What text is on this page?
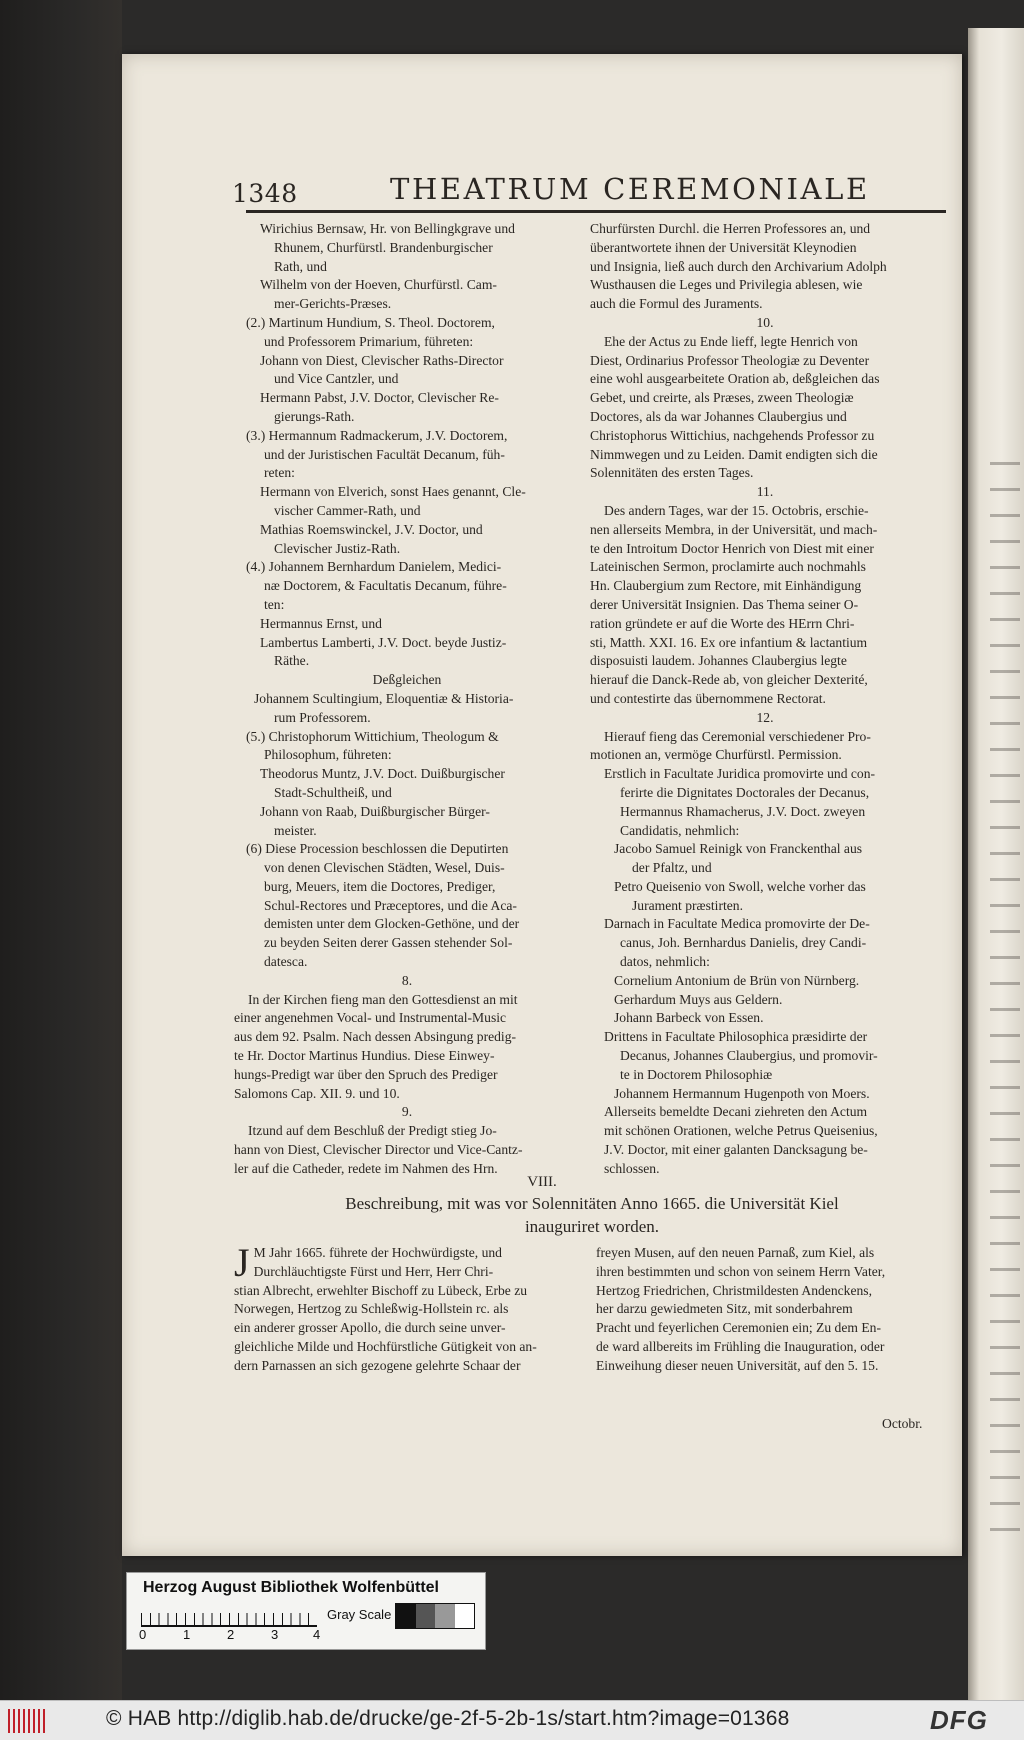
1348	THEATRUM CEREMONIALE

Wirichius Bernsaw, Hr. von Bellingkgrave und

Rhunem, Churfürstl. Brandenburgischer

Rath, und

Wilhelm von der Hoeven, Churfürstl. Cam-

mer-Gerichts-Præses.

(2.) Martinum Hundium, S. Theol. Doctorem,

und Professorem Primarium, führeten:

Johann von Diest, Clevischer Raths-Director

und Vice Cantzler, und

Hermann Pabst, J.V. Doctor, Clevischer Re-

gierungs-Rath.

(3.) Hermannum Radmackerum, J.V. Doctorem,

und der Juristischen Facultät Decanum, füh-

reten:

Hermann von Elverich, sonst Haes genannt, Cle-

vischer Cammer-Rath, und

Mathias Roemswinckel, J.V. Doctor, und

Clevischer Justiz-Rath.

(4.) Johannem Bernhardum Danielem, Medici-

næ Doctorem, & Facultatis Decanum, führe-

ten:

Hermannus Ernst, und

Lambertus Lamberti, J.V. Doct. beyde Justiz-

Räthe.

Deßgleichen

Johannem Scultingium, Eloquentiæ & Historia-

rum Professorem.

(5.) Christophorum Wittichium, Theologum &

Philosophum, führeten:

Theodorus Muntz, J.V. Doct. Duißburgischer

Stadt-Schultheiß, und

Johann von Raab, Duißburgischer Bürger-

meister.

(6) Diese Procession beschlossen die Deputirten

von denen Clevischen Städten, Wesel, Duis-

burg, Meuers, item die Doctores, Prediger,

Schul-Rectores und Præceptores, und die Aca-

demisten unter dem Glocken-Gethöne, und der

zu beyden Seiten derer Gassen stehender Sol-

datesca.

8.

In der Kirchen fieng man den Gottesdienst an mit

einer angenehmen Vocal- und Instrumental-Music

aus dem 92. Psalm. Nach dessen Absingung predig-

te Hr. Doctor Martinus Hundius. Diese Einwey-

hungs-Predigt war über den Spruch des Prediger

Salomons Cap. XII. 9. und 10.

9.

Itzund auf dem Beschluß der Predigt stieg Jo-

hann von Diest, Clevischer Director und Vice-Cantz-

ler auf die Catheder, redete im Nahmen des Hrn.

Churfürsten Durchl. die Herren Professores an, und

überantwortete ihnen der Universität Kleynodien

und Insignia, ließ auch durch den Archivarium Adolph

Wusthausen die Leges und Privilegia ablesen, wie

auch die Formul des Juraments.

10.

Ehe der Actus zu Ende lieff, legte Henrich von

Diest, Ordinarius Professor Theologiæ zu Deventer

eine wohl ausgearbeitete Oration ab, deßgleichen das

Gebet, und creirte, als Præses, zween Theologiæ

Doctores, als da war Johannes Claubergius und

Christophorus Wittichius, nachgehends Professor zu

Nimmwegen und zu Leiden. Damit endigten sich die

Solennitäten des ersten Tages.

11.

Des andern Tages, war der 15. Octobris, erschie-

nen allerseits Membra, in der Universität, und mach-

te den Introitum Doctor Henrich von Diest mit einer

Lateinischen Sermon, proclamirte auch nochmahls

Hn. Claubergium zum Rectore, mit Einhändigung

derer Universität Insignien. Das Thema seiner O-

ration gründete er auf die Worte des HErrn Chri-

sti, Matth. XXI. 16. Ex ore infantium & lactantium

disposuisti laudem. Johannes Claubergius legte

hierauf die Danck-Rede ab, von gleicher Dexterité,

und contestirte das übernommene Rectorat.

12.

Hierauf fieng das Ceremonial verschiedener Pro-

motionen an, vermöge Churfürstl. Permission.

Erstlich in Facultate Juridica promovirte und con-

ferirte die Dignitates Doctorales der Decanus,

Hermannus Rhamacherus, J.V. Doct. zweyen

Candidatis, nehmlich:

Jacobo Samuel Reinigk von Franckenthal aus

der Pfaltz, und

Petro Queisenio von Swoll, welche vorher das

Jurament præstirten.

Darnach in Facultate Medica promovirte der De-

canus, Joh. Bernhardus Danielis, drey Candi-

datos, nehmlich:

Cornelium Antonium de Brün von Nürnberg.

Gerhardum Muys aus Geldern.

Johann Barbeck von Essen.

Drittens in Facultate Philosophica præsidirte der

Decanus, Johannes Claubergius, und promovir-

te in Doctorem Philosophiæ

Johannem Hermannum Hugenpoth von Moers.

Allerseits bemeldte Decani ziehreten den Actum

mit schönen Orationen, welche Petrus Queisenius,

J.V. Doctor, mit einer galanten Dancksagung be-

schlossen.

VIII.
Beschreibung, mit was vor Solennitäten Anno 1665. die Universität Kiel
inauguriret worden.
J M Jahr 1665. führete der Hochwürdigste, und

Durchläuchtigste Fürst und Herr, Herr Chri-

stian Albrecht, erwehlter Bischoff zu Lübeck, Erbe zu

Norwegen, Hertzog zu Schleßwig-Hollstein rc. als

ein anderer grosser Apollo, die durch seine unver-

gleichliche Milde und Hochfürstliche Gütigkeit von an-

dern Parnassen an sich gezogene gelehrte Schaar der

freyen Musen, auf den neuen Parnaß, zum Kiel, als

ihren bestimmten und schon von seinem Herrn Vater,

Hertzog Friedrichen, Christmildesten Andenckens,

her darzu gewiedmeten Sitz, mit sonderbahrem

Pracht und feyerlichen Ceremonien ein; Zu dem En-

de ward allbereits im Frühling die Inauguration, oder

Einweihung dieser neuen Universität, auf den 5. 15.

Octobr.
Herzog August Bibliothek Wolfenbüttel
0	1	2	3	4
Gray Scale
© HAB http://diglib.hab.de/drucke/ge-2f-5-2b-1s/start.htm?image=01368	DFG
